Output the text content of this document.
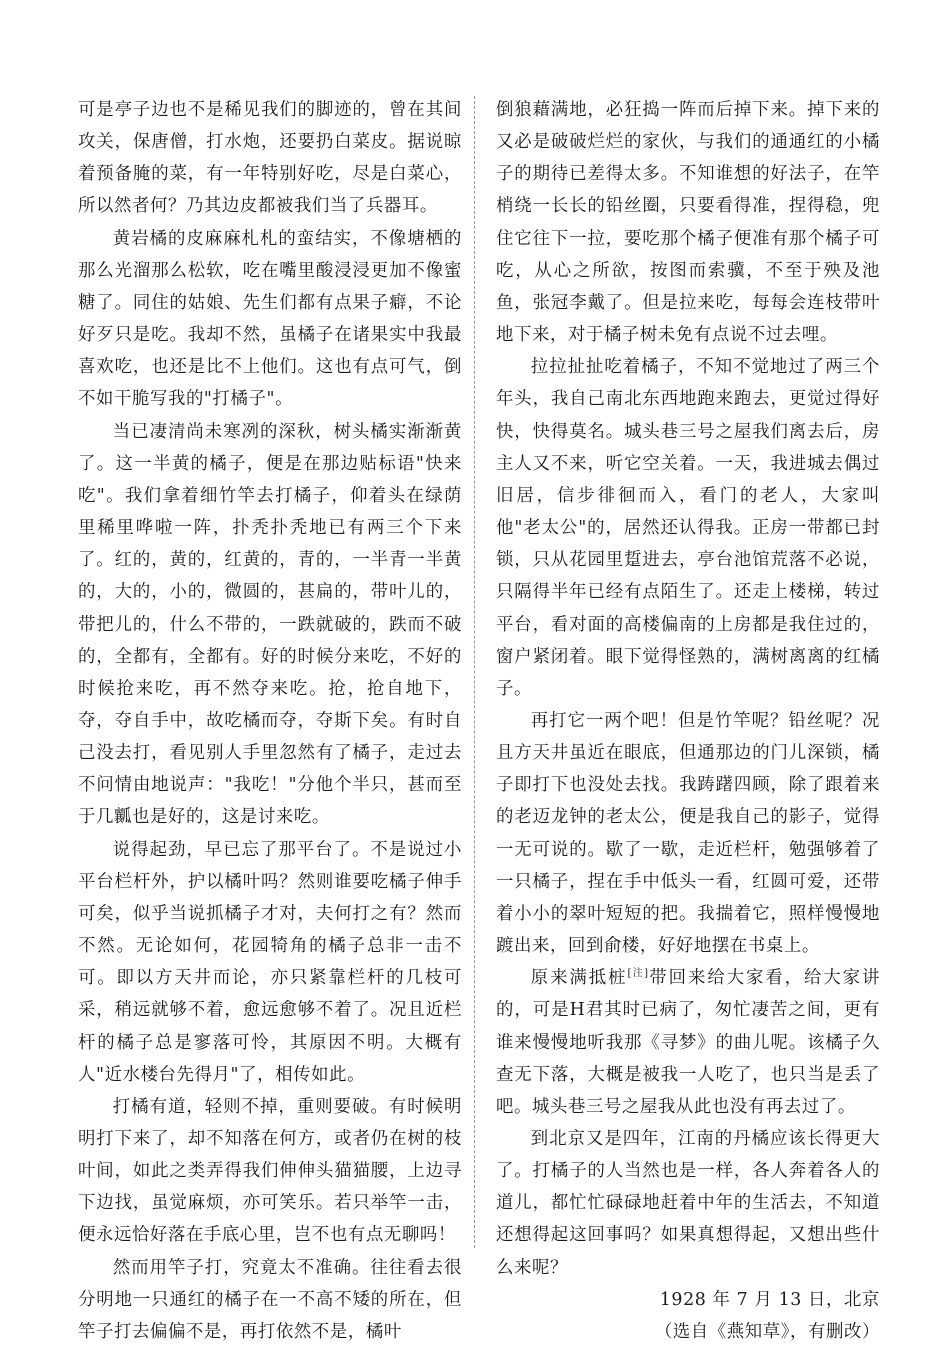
可是亭子边也不是稀见我们的脚迹的，曾在其间攻关，保唐僧，打水炮，还要扔白菜皮。据说晾着预备腌的菜，有一年特别好吃，尽是白菜心，所以然者何？乃其边皮都被我们当了兵器耳。

黄岩橘的皮麻麻札札的蛮结实，不像塘栖的那么光溜那么松软，吃在嘴里酸浸浸更加不像蜜糖了。同住的姑娘、先生们都有点果子癖，不论好歹只是吃。我却不然，虽橘子在诸果实中我最喜欢吃，也还是比不上他们。这也有点可气，倒不如干脆写我的"打橘子"。

当已凄清尚未寒冽的深秋，树头橘实渐渐黄了。这一半黄的橘子，便是在那边贴标语"快来吃"。我们拿着细竹竿去打橘子，仰着头在绿荫里稀里哗啦一阵，扑秃扑秃地已有两三个下来了。红的，黄的，红黄的，青的，一半青一半黄的，大的，小的，微圆的，甚扁的，带叶儿的，带把儿的，什么不带的，一跌就破的，跌而不破的，全都有，全都有。好的时候分来吃，不好的时候抢来吃，再不然夺来吃。抢，抢自地下，夺，夺自手中，故吃橘而夺，夺斯下矣。有时自己没去打，看见别人手里忽然有了橘子，走过去不问情由地说声："我吃！"分他个半只，甚而至于几瓤也是好的，这是讨来吃。

说得起劲，早已忘了那平台了。不是说过小平台栏杆外，护以橘叶吗？然则谁要吃橘子伸手可矣，似乎当说抓橘子才对，夫何打之有？然而不然。无论如何，花园犄角的橘子总非一击不可。即以方天井而论，亦只紧靠栏杆的几枝可采，稍远就够不着，愈远愈够不着了。况且近栏杆的橘子总是寥落可怜，其原因不明。大概有人"近水楼台先得月"了，相传如此。

打橘有道，轻则不掉，重则要破。有时候明明打下来了，却不知落在何方，或者仍在树的枝叶间，如此之类弄得我们伸伸头猫猫腰，上边寻下边找，虽觉麻烦，亦可笑乐。若只举竿一击，便永远恰好落在手底心里，岂不也有点无聊吗！

然而用竿子打，究竟太不准确。往往看去很分明地一只通红的橘子在一不高不矮的所在，但竿子打去偏偏不是，再打依然不是，橘叶

倒狼藉满地，必狂捣一阵而后掉下来。掉下来的又必是破破烂烂的家伙，与我们的通通红的小橘子的期待已差得太多。不知谁想的好法子，在竿梢绕一长长的铅丝圈，只要看得准，捏得稳，兜住它往下一拉，要吃那个橘子便准有那个橘子可吃，从心之所欲，按图而索骥，不至于殃及池鱼，张冠李戴了。但是拉来吃，每每会连枝带叶地下来，对于橘子树未免有点说不过去哩。

拉拉扯扯吃着橘子，不知不觉地过了两三个年头，我自己南北东西地跑来跑去，更觉过得好快，快得莫名。城头巷三号之屋我们离去后，房主人又不来，听它空关着。一天，我进城去偶过旧居，信步徘徊而入，看门的老人，大家叫他"老太公"的，居然还认得我。正房一带都已封锁，只从花园里踅进去，亭台池馆荒落不必说，只隔得半年已经有点陌生了。还走上楼梯，转过平台，看对面的高楼偏南的上房都是我住过的，窗户紧闭着。眼下觉得怪熟的，满树离离的红橘子。

再打它一两个吧！但是竹竿呢？铅丝呢？况且方天井虽近在眼底，但通那边的门儿深锁，橘子即打下也没处去找。我踌躇四顾，除了跟着来的老迈龙钟的老太公，便是我自己的影子，觉得一无可说的。歇了一歇，走近栏杆，勉强够着了一只橘子，捏在手中低头一看，红圆可爱，还带着小小的翠叶短短的把。我揣着它，照样慢慢地踱出来，回到俞楼，好好地摆在书桌上。

原来满抵桩[注]带回来给大家看，给大家讲的，可是H君其时已病了，匆忙凄苦之间，更有谁来慢慢地听我那《寻梦》的曲儿呢。该橘子久查无下落，大概是被我一人吃了，也只当是丢了吧。城头巷三号之屋我从此也没有再去过了。

到北京又是四年，江南的丹橘应该长得更大了。打橘子的人当然也是一样，各人奔着各人的道儿，都忙忙碌碌地赶着中年的生活去，不知道还想得起这回事吗？如果真想得起，又想出些什么来呢？

1928 年 7 月 13 日，北京

（选自《燕知草》，有删改）
